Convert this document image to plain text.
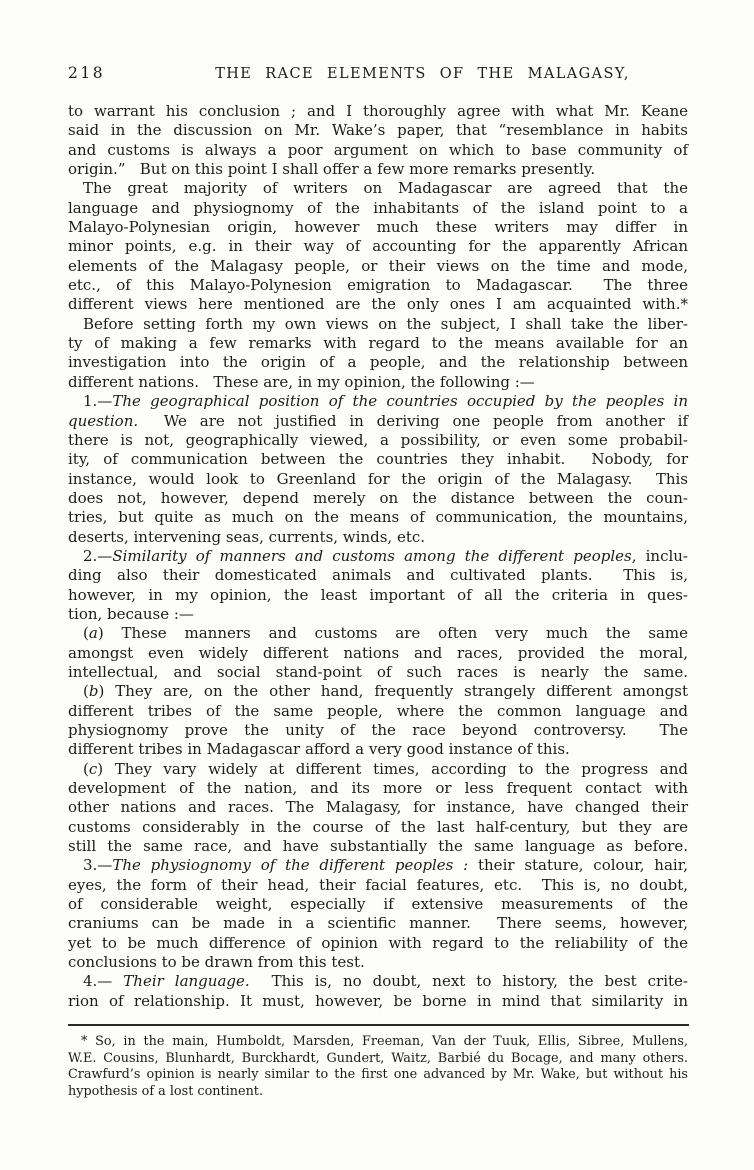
218	THE RACE ELEMENTS OF THE MALAGASY,
to warrant his conclusion ; and I thoroughly agree with what Mr. Keane
said in the discussion on Mr. Wake’s paper, that “resemblance in habits
and customs is always a poor argument on which to base community of
origin.”   But on this point I shall offer a few more remarks presently.
The great majority of writers on Madagascar are agreed that the
language and physiognomy of the inhabitants of the island point to a
Malayo-Polynesian origin, however much these writers may differ in
minor points, e.g. in their way of accounting for the apparently African
elements of the Malagasy people, or their views on the time and mode,
etc., of this Malayo-Polynesion emigration to Madagascar.  The three
different views here mentioned are the only ones I am acquainted with.*
Before setting forth my own views on the subject, I shall take the liber-
ty of making a few remarks with regard to the means available for an
investigation into the origin of a people, and the relationship between
different nations.   These are, in my opinion, the following :—
1.—The geographical position of the countries occupied by the peoples in
question.  We are not justified in deriving one people from another if
there is not, geographically viewed, a possibility, or even some probabil-
ity, of communication between the countries they inhabit.  Nobody, for
instance, would look to Greenland for the origin of the Malagasy.  This
does not, however, depend merely on the distance between the coun-
tries, but quite as much on the means of communication, the mountains,
deserts, intervening seas, currents, winds, etc.
2.—Similarity of manners and customs among the different peoples, inclu-
ding also their domesticated animals and cultivated plants.  This is,
however, in my opinion, the least important of all the criteria in ques-
tion, because :—
(a) These manners and customs are often very much the same
amongst even widely different nations and races, provided the moral,
intellectual, and social stand-point of such races is nearly the same.
(b) They are, on the other hand, frequently strangely different amongst
different tribes of the same people, where the common language and
physiognomy prove the unity of the race beyond controversy.  The
different tribes in Madagascar afford a very good instance of this.
(c) They vary widely at different times, according to the progress and
development of the nation, and its more or less frequent contact with
other nations and races. The Malagasy, for instance, have changed their
customs considerably in the course of the last half-century, but they are
still the same race, and have substantially the same language as before.
3.—The physiognomy of the different peoples : their stature, colour, hair,
eyes, the form of their head, their facial features, etc.  This is, no doubt,
of considerable weight, especially if extensive measurements of the
craniums can be made in a scientific manner.  There seems, however,
yet to be much difference of opinion with regard to the reliability of the
conclusions to be drawn from this test.
4.— Their language.  This is, no doubt, next to history, the best crite-
rion of relationship. It must, however, be borne in mind that similarity in
* So, in the main, Humboldt, Marsden, Freeman, Van der Tuuk, Ellis, Sibree, Mullens,
W.E. Cousins, Blunhardt, Burckhardt, Gundert, Waitz, Barbié du Bocage, and many others.
Crawfurd’s opinion is nearly similar to the first one advanced by Mr. Wake, but without his
hypothesis of a lost continent.
